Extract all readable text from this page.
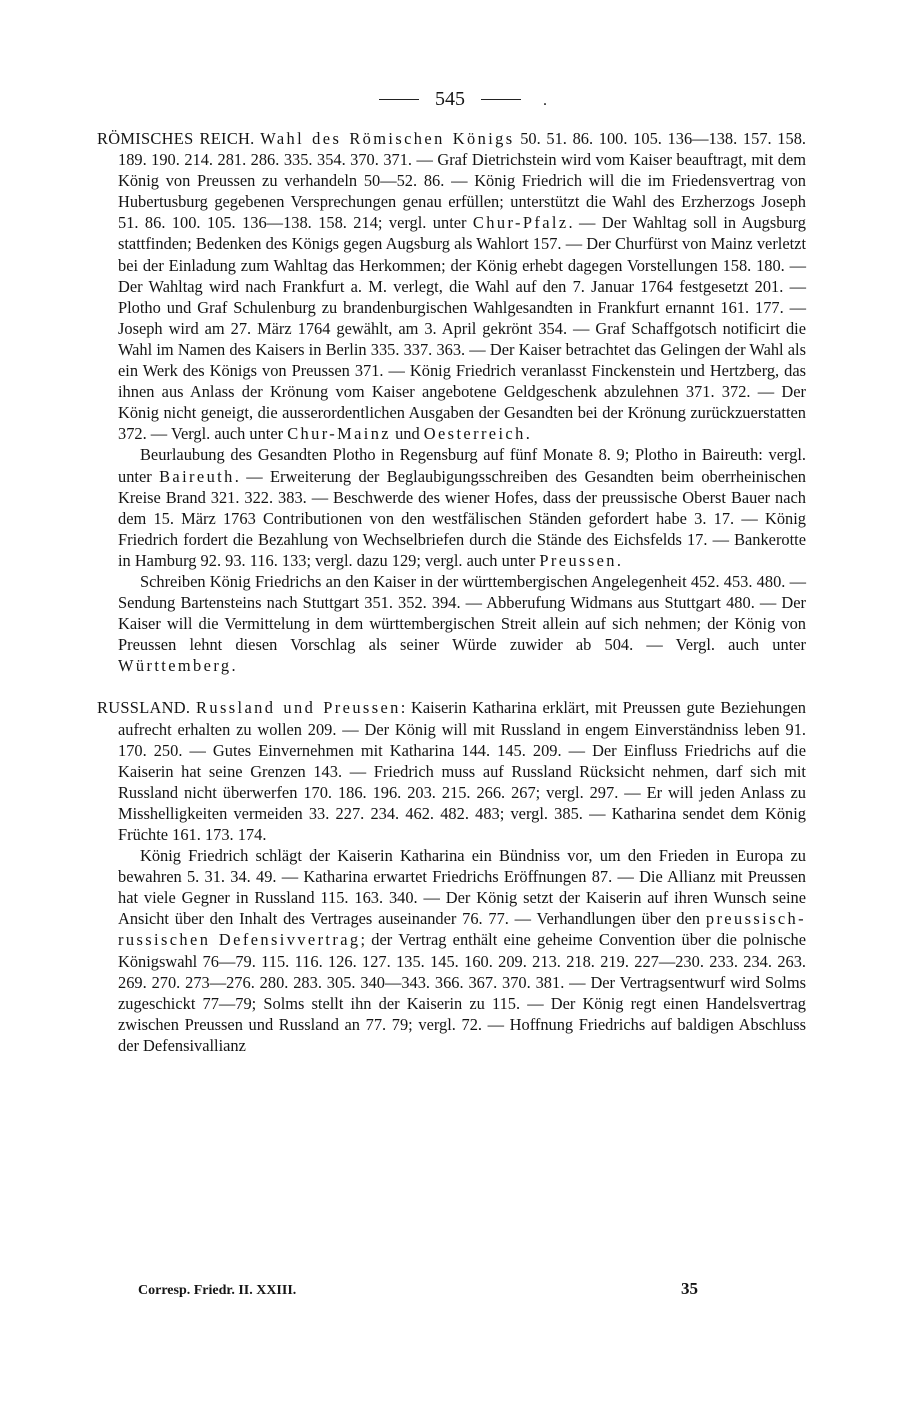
545	.

RÖMISCHES REICH. Wahl des Römischen Königs 50. 51. 86. 100. 105. 136—138. 157. 158. 189. 190. 214. 281. 286. 335. 354. 370. 371. — Graf Dietrichstein wird vom Kaiser beauftragt, mit dem König von Preussen zu verhandeln 50—52. 86. — König Friedrich will die im Friedensvertrag von Hubertusburg gegebenen Versprechungen genau erfüllen; unterstützt die Wahl des Erzherzogs Joseph 51. 86. 100. 105. 136—138. 158. 214; vergl. unter Chur-Pfalz. — Der Wahltag soll in Augsburg stattfinden; Bedenken des Königs gegen Augsburg als Wahlort 157. — Der Churfürst von Mainz verletzt bei der Einladung zum Wahltag das Herkommen; der König erhebt dagegen Vorstellungen 158. 180. — Der Wahltag wird nach Frankfurt a. M. verlegt, die Wahl auf den 7. Januar 1764 festgesetzt 201. — Plotho und Graf Schulenburg zu brandenburgischen Wahlgesandten in Frankfurt ernannt 161. 177. — Joseph wird am 27. März 1764 gewählt, am 3. April gekrönt 354. — Graf Schaffgotsch notificirt die Wahl im Namen des Kaisers in Berlin 335. 337. 363. — Der Kaiser betrachtet das Gelingen der Wahl als ein Werk des Königs von Preussen 371. — König Friedrich veranlasst Finckenstein und Hertzberg, das ihnen aus Anlass der Krönung vom Kaiser angebotene Geldgeschenk abzulehnen 371. 372. — Der König nicht geneigt, die ausserordentlichen Ausgaben der Gesandten bei der Krönung zurückzuerstatten 372. — Vergl. auch unter Chur-Mainz und Oesterreich.

Beurlaubung des Gesandten Plotho in Regensburg auf fünf Monate 8. 9; Plotho in Baireuth: vergl. unter Baireuth. — Erweiterung der Beglaubigungsschreiben des Gesandten beim oberrheinischen Kreise Brand 321. 322. 383. — Beschwerde des wiener Hofes, dass der preussische Oberst Bauer nach dem 15. März 1763 Contributionen von den westfälischen Ständen gefordert habe 3. 17. — König Friedrich fordert die Bezahlung von Wechselbriefen durch die Stände des Eichsfelds 17. — Bankerotte in Hamburg 92. 93. 116. 133; vergl. dazu 129; vergl. auch unter Preussen.

Schreiben König Friedrichs an den Kaiser in der württembergischen Angelegenheit 452. 453. 480. — Sendung Bartensteins nach Stuttgart 351. 352. 394. — Abberufung Widmans aus Stuttgart 480. — Der Kaiser will die Vermittelung in dem württembergischen Streit allein auf sich nehmen; der König von Preussen lehnt diesen Vorschlag als seiner Würde zuwider ab 504. — Vergl. auch unter Württemberg.

RUSSLAND. Russland und Preussen: Kaiserin Katharina erklärt, mit Preussen gute Beziehungen aufrecht erhalten zu wollen 209. — Der König will mit Russland in engem Einverständniss leben 91. 170. 250. — Gutes Einvernehmen mit Katharina 144. 145. 209. — Der Einfluss Friedrichs auf die Kaiserin hat seine Grenzen 143. — Friedrich muss auf Russland Rücksicht nehmen, darf sich mit Russland nicht überwerfen 170. 186. 196. 203. 215. 266. 267; vergl. 297. — Er will jeden Anlass zu Misshelligkeiten vermeiden 33. 227. 234. 462. 482. 483; vergl. 385. — Katharina sendet dem König Früchte 161. 173. 174.

König Friedrich schlägt der Kaiserin Katharina ein Bündniss vor, um den Frieden in Europa zu bewahren 5. 31. 34. 49. — Katharina erwartet Friedrichs Eröffnungen 87. — Die Allianz mit Preussen hat viele Gegner in Russland 115. 163. 340. — Der König setzt der Kaiserin auf ihren Wunsch seine Ansicht über den Inhalt des Vertrages auseinander 76. 77. — Verhandlungen über den preussisch-russischen Defensivvertrag; der Vertrag enthält eine geheime Convention über die polnische Königswahl 76—79. 115. 116. 126. 127. 135. 145. 160. 209. 213. 218. 219. 227—230. 233. 234. 263. 269. 270. 273—276. 280. 283. 305. 340—343. 366. 367. 370. 381. — Der Vertragsentwurf wird Solms zugeschickt 77—79; Solms stellt ihn der Kaiserin zu 115. — Der König regt einen Handelsvertrag zwischen Preussen und Russland an 77. 79; vergl. 72. — Hoffnung Friedrichs auf baldigen Abschluss der Defensivallianz

Corresp. Friedr. II. XXIII.	35
